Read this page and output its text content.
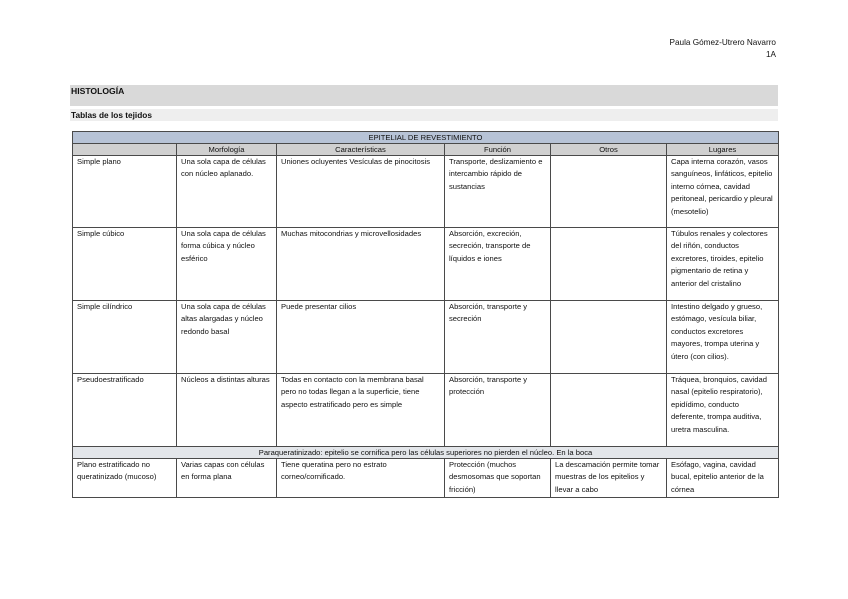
Paula Gómez-Utrero Navarro
1A
HISTOLOGÍA
Tablas de los tejidos
EPITELIAL DE REVESTIMIENTO					
	Morfología	Características	Función	Otros	Lugares
Simple plano	Una sola capa de células con núcleo aplanado.	Uniones ocluyentes Vesículas de pinocitosis	Transporte, deslizamiento e intercambio rápido de sustancias		Capa interna corazón, vasos sanguíneos, linfáticos, epitelio interno córnea, cavidad peritoneal, pericardio y pleural (mesotelio)
Simple cúbico	Una sola capa de células forma cúbica y núcleo esférico	Muchas mitocondrias y microvellosidades	Absorción, excreción, secreción, transporte de líquidos e iones		Túbulos renales y colectores del riñón, conductos excretores, tiroides, epitelio pigmentario de retina y anterior del cristalino
Simple cilíndrico	Una sola capa de células altas alargadas y núcleo redondo basal	Puede presentar cilios	Absorción, transporte y secreción		Intestino delgado y grueso, estómago, vesícula biliar, conductos excretores mayores, trompa uterina y útero (con cilios).
Pseudoestratificado	Núcleos a distintas alturas	Todas en contacto con la membrana basal pero no todas llegan a la superficie, tiene aspecto estratificado pero es simple	Absorción, transporte y protección		Tráquea, bronquios, cavidad nasal (epitelio respiratorio), epidídimo, conducto deferente, trompa auditiva, uretra masculina.
Paraqueratinizado: epitelio se cornifica pero las células superiores no pierden el núcleo. En la boca					
Plano estratificado no queratinizado (mucoso)	Varias capas con células en forma plana	Tiene queratina pero no estrato corneo/cornificado.	Protección (muchos desmosomas que soportan fricción)	La descamación permite tomar muestras de los epitelios y llevar a cabo	Esófago, vagina, cavidad bucal, epitelio anterior de la córnea
